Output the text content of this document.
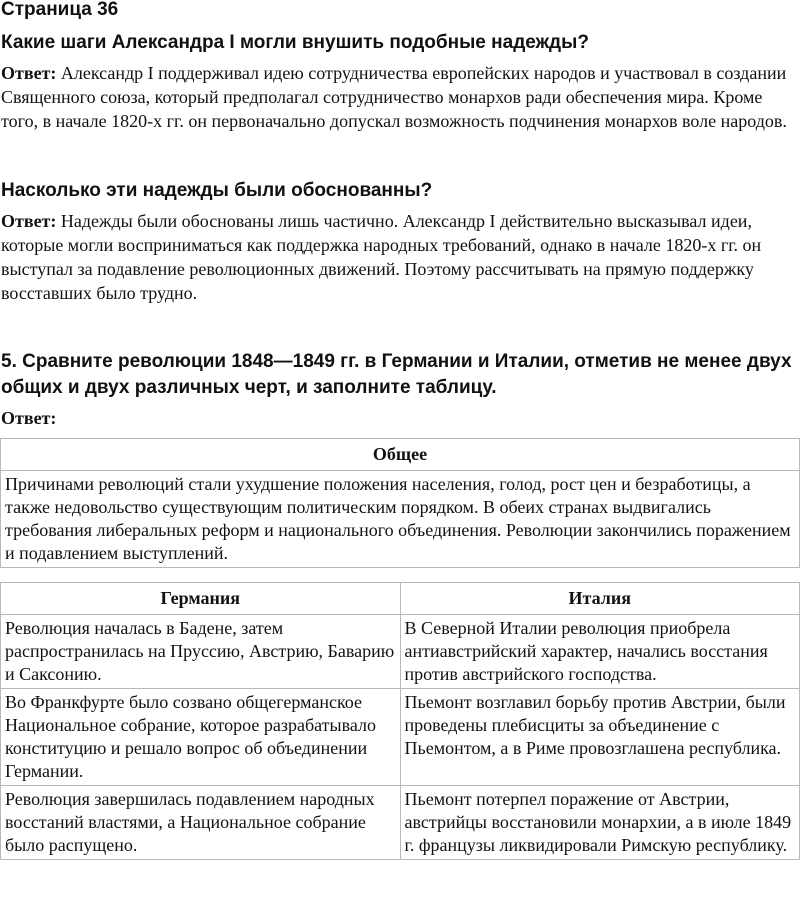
Страница 36
Какие шаги Александра I могли внушить подобные надежды?

Ответ: Александр I поддерживал идею сотрудничества европейских народов и участвовал в создании Священного союза, который предполагал сотрудничество монархов ради обеспечения мира. Кроме того, в начале 1820-х гг. он первоначально допускал возможность подчинения монархов воле народов.

Насколько эти надежды были обоснованны?

Ответ: Надежды были обоснованы лишь частично. Александр I действительно высказывал идеи, которые могли восприниматься как поддержка народных требований, однако в начале 1820-х гг. он выступал за подавление революционных движений. Поэтому рассчитывать на прямую поддержку восставших было трудно.

5. Сравните революции 1848—1849 гг. в Германии и Италии, отметив не менее двух общих и двух различных черт, и заполните таблицу.

Ответ:

Общее
Причинами революций стали ухудшение положения населения, голод, рост цен и безработицы, а также недовольство существующим политическим порядком. В обеих странах выдвигались требования либеральных реформ и национального объединения. Революции закончились поражением и подавлением выступлений.
Германия	Италия
Революция началась в Бадене, затем распространилась на Пруссию, Австрию, Баварию и Саксонию.	В Северной Италии революция приобрела антиавстрийский характер, начались восстания против австрийского господства.
Во Франкфурте было созвано общегерманское Национальное собрание, которое разрабатывало конституцию и решало вопрос об объединении Германии.	Пьемонт возглавил борьбу против Австрии, были проведены плебисциты за объединение с Пьемонтом, а в Риме провозглашена республика.
Революция завершилась подавлением народных восстаний властями, а Национальное собрание было распущено.	Пьемонт потерпел поражение от Австрии, австрийцы восстановили монархии, а в июле 1849 г. французы ликвидировали Римскую республику.
